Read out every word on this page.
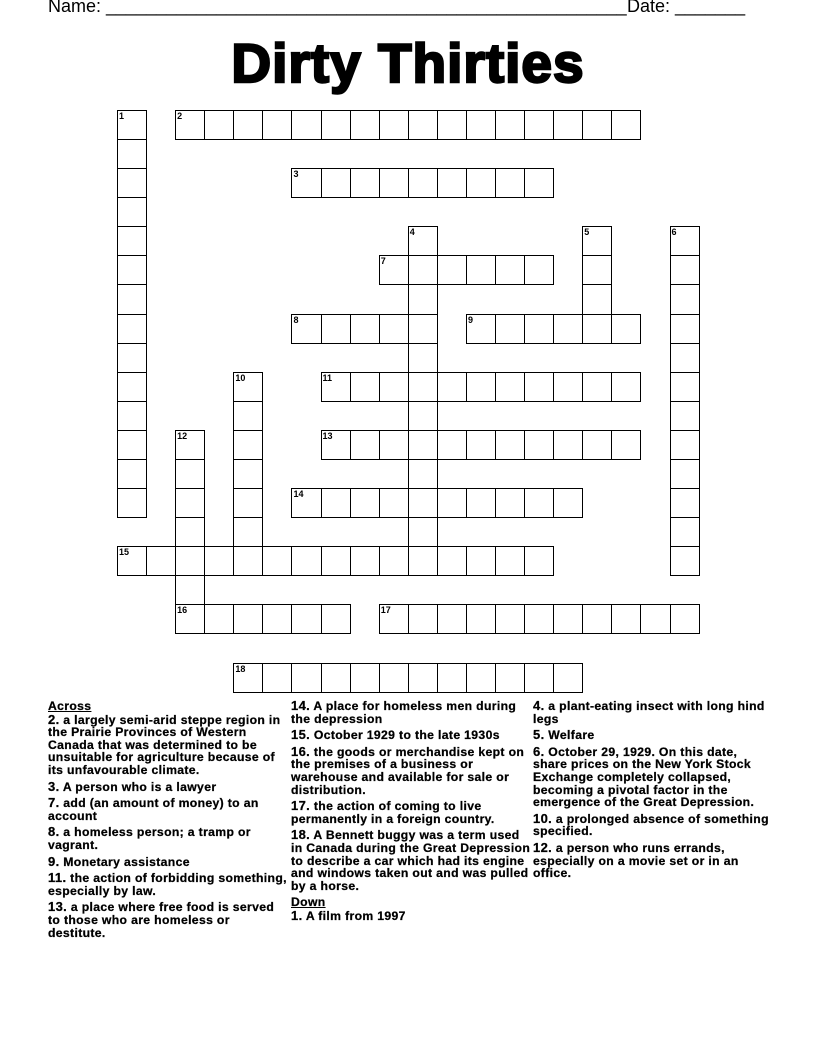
Name: ____________________________________________________ Date: _______
Dirty Thirties
1	2
3
4	5	6
7
8	9
10	11
12
16
13
14
15
17
18
Across
2. a largely semi-arid steppe region in the Prairie Provinces of Western Canada that was determined to be unsuitable for agriculture because of its unfavourable climate.
3. A person who is a lawyer
7. add (an amount of money) to an account
8. a homeless person; a tramp or vagrant.
9. Monetary assistance
11. the action of forbidding something, especially by law.
13. a place where free food is served to those who are homeless or destitute.
14. A place for homeless men during the depression
15. October 1929 to the late 1930s
16. the goods or merchandise kept on the premises of a business or warehouse and available for sale or distribution.
17. the action of coming to live permanently in a foreign country.
18. A Bennett buggy was a term used in Canada during the Great Depression to describe a car which had its engine and windows taken out and was pulled by a horse.
Down
1. A film from 1997
4. a plant-eating insect with long hind legs
5. Welfare
6. October 29, 1929. On this date, share prices on the New York Stock Exchange completely collapsed, becoming a pivotal factor in the emergence of the Great Depression.
10. a prolonged absence of something specified.
12. a person who runs errands, especially on a movie set or in an office.
